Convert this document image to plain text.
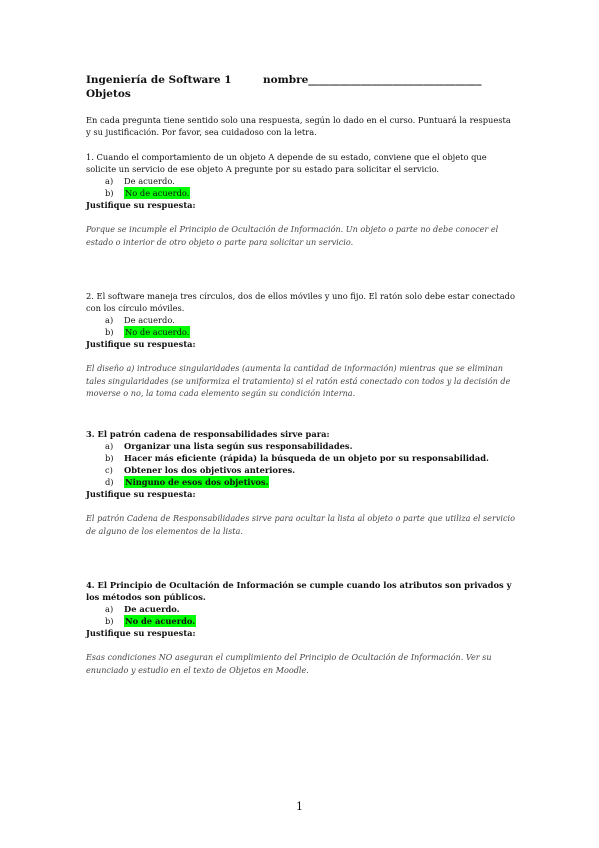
Ingeniería de Software 1	nombre_________________________________
Objetos
En cada pregunta tiene sentido solo una respuesta, según lo dado en el curso. Puntuará la respuesta y su justificación. Por favor, sea cuidadoso con la letra.

1. Cuando el comportamiento de un objeto A depende de su estado, conviene que el objeto que solicite un servicio de ese objeto A pregunte por su estado para solicitar el servicio.

a)	De acuerdo.
b)	No de acuerdo.

Justifique su respuesta:

Porque se incumple el Principio de Ocultación de Información. Un objeto o parte no debe conocer el estado o interior de otro objeto o parte para solicitar un servicio.

2. El software maneja tres círculos, dos de ellos móviles y uno fijo. El ratón solo debe estar conectado con los círculo móviles.

a)	De acuerdo.
b)	No de acuerdo.

Justifique su respuesta:

El diseño a) introduce singularidades (aumenta la cantidad de información) mientras que se eliminan tales singularidades (se uniformiza el tratamiento) si el ratón está conectado con todos y la decisión de moverse o no, la toma cada elemento según su condición interna.

3. El patrón cadena de responsabilidades sirve para:

a)	Organizar una lista según sus responsabilidades.
b)	Hacer más eficiente (rápida) la búsqueda de un objeto por su responsabilidad.
c)	Obtener los dos objetivos anteriores.
d)	Ninguno de esos dos objetivos.

Justifique su respuesta:

El patrón Cadena de Responsabilidades sirve para ocultar la lista al objeto o parte que utiliza el servicio de alguno de los elementos de la lista.

4. El Principio de Ocultación de Información se cumple cuando los atributos son privados y los métodos son públicos.

a)	De acuerdo.
b)	No de acuerdo.

Justifique su respuesta:

Esas condiciones NO aseguran el cumplimiento del Principio de Ocultación de Información. Ver su enunciado y estudio en el texto de Objetos en Moodle.
1
